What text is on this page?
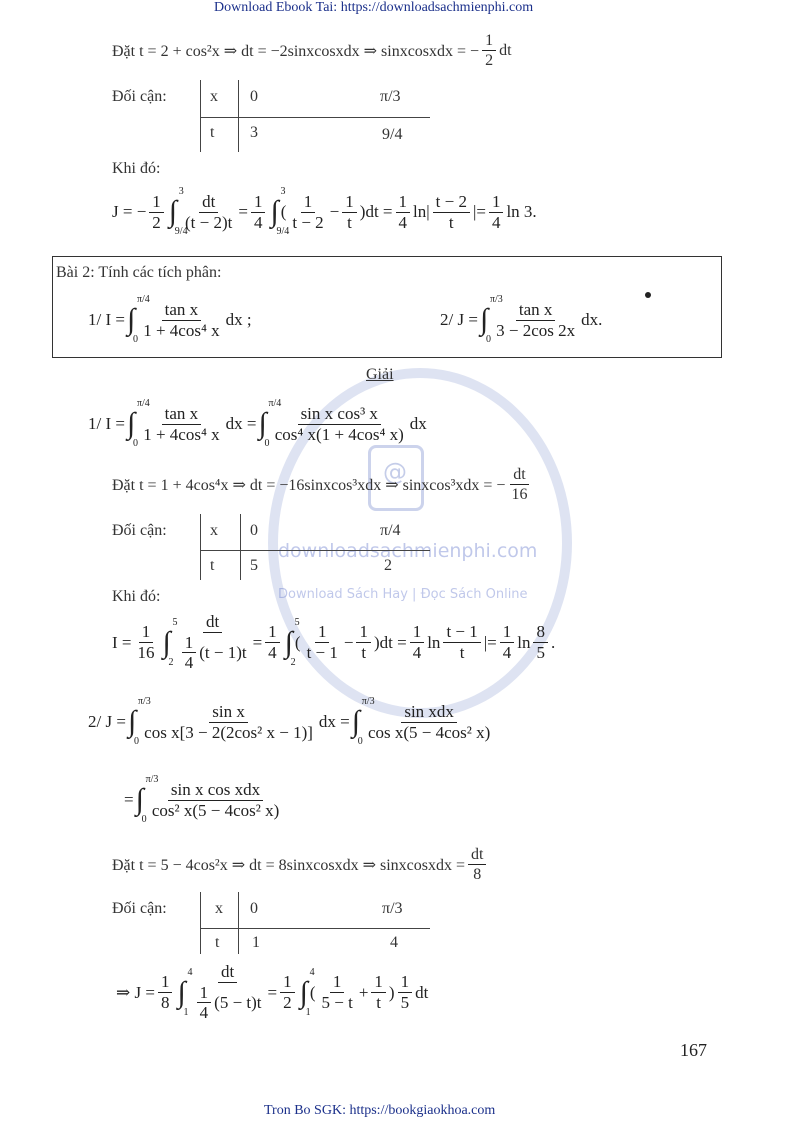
Download Ebook Tai: https://downloadsachmienphi.com
Tron Bo SGK: https://bookgiaokhoa.com
@
downloadsachmienphi.com
Download Sách Hay | Đọc Sách Online
Đặt t = 2 + cos²x ⇒ dt = −2sinxcosxdx ⇒ sinxcosxdx = − $\frac{1}{2}$ dt
Đối cận:	x 0	π/3
t 3	9/4
Khi đó:
J = − $\frac{1}{2}$ ∫
3
9/4
$\frac{dt}{(t - 2)t} = \frac{1}{4}$ ∫
3
9/4
( $\frac{1}{t - 2} - \frac{1}{t}$ ) dt = $\frac{1}{4}$ ln | $\frac{t - 2}{t}$ | = $\frac{1}{4}$ ln 3.
Bài 2: Tính các tích phân:
1/ I = ∫
π/4
$0 \frac{\text{tan x}}{\text{1 + 4cos⁴ x}}$ dx ;	2/ J = ∫
π/3
$0 \frac{\text{tan x}}{3 - 2\cos 2x}$ dx.
Giải
1/ I = ∫
π/4
$0 \frac{\text{tan x}}{\text{1 + 4cos⁴ x}}$ dx = ∫
π/4
$0 \frac{\text{sin x cos³ x}}{\text{cos⁴ x(1 + 4cos⁴ x)}}$ dx
Đặt t = 1 + 4cos⁴x ⇒ dt = −16sinxcos³xdx ⇒ sinxcos³xdx = − $\frac{dt}{16}$
Đối cận:	x 0	π/4
t 5	2
Khi đó:
$I = \frac{1}{16}$ ∫
5
$2 \frac{dt}{\frac{1}{4} (t - 1)t} = \frac{1}{4}$ ∫
5
2
( $\frac{1}{t - 1} - \frac{1}{t}$ ) dt = $\frac{1}{4}$ $\ln \frac{t - 1}{t}$ | = $\frac{1}{4}$ $\ln \frac{8}{5}$ .
2/ J = ∫
π/3
$0 \frac{\text{sin x}}{\text{cos x[3 − 2(2cos² x − 1)]}}$ dx = ∫
π/3
$0 \frac{\text{sin xdx}}{\text{cos x(5 − 4cos² x)}}$
= ∫
π/3
$0 \frac{\text{sin x cos xdx}}{\text{cos² x(5 − 4cos² x)}}$
Đặt t = 5 − 4cos²x ⇒ dt = 8sinxcosxdx ⇒ sinxcosxdx = $\frac{dt}{8}$
Đối cận:	x 0	π/3
t 1	4
⇒ $J = \frac{1}{8}$ ∫
4
$1 \frac{dt}{\frac{1}{4} (5 - t)t} = \frac{1}{2}$ ∫
4
1
( $\frac{1}{5 - t} + \frac{1}{t}$ ) $\frac{1}{5}$ dt
167
